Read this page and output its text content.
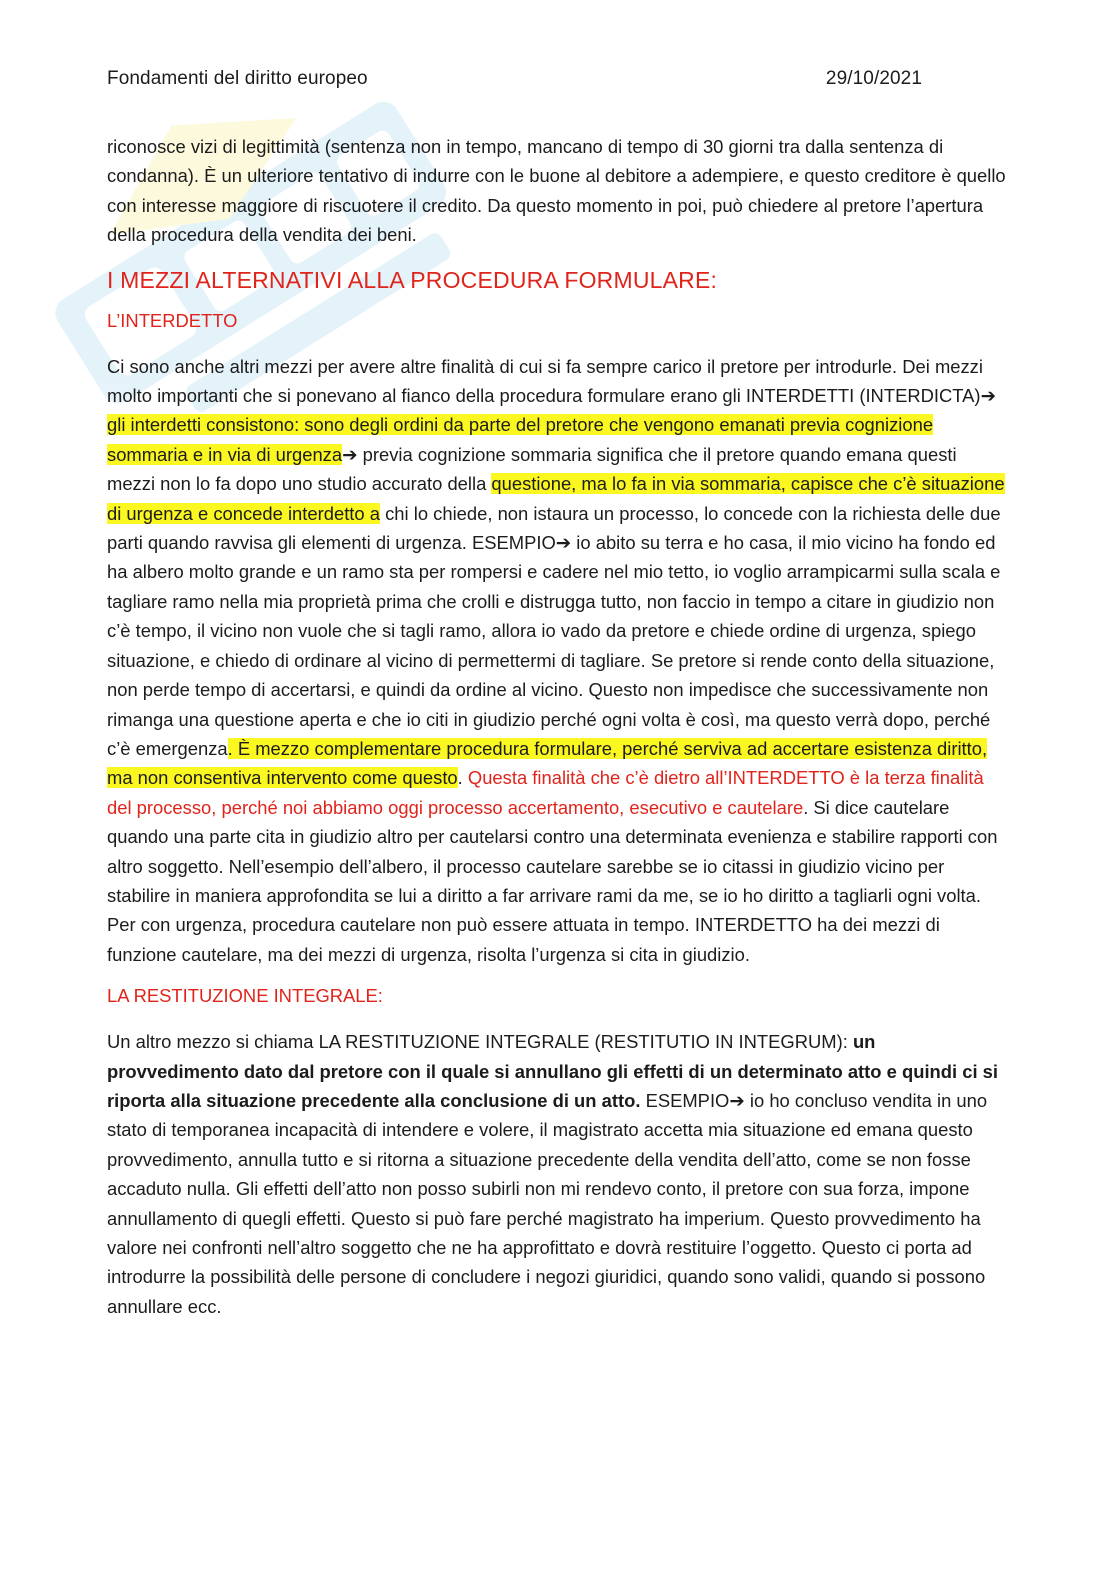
Fondamenti del diritto europeo	29/10/2021

riconosce vizi di legittimità (sentenza non in tempo, mancano di tempo di 30 giorni tra dalla sentenza di condanna). È un ulteriore tentativo di indurre con le buone al debitore a adempiere, e questo creditore è quello con interesse maggiore di riscuotere il credito. Da questo momento in poi, può chiedere al pretore l’apertura della procedura della vendita dei beni.

I MEZZI ALTERNATIVI ALLA PROCEDURA FORMULARE:
L’INTERDETTO

Ci sono anche altri mezzi per avere altre finalità di cui si fa sempre carico il pretore per introdurle. Dei mezzi molto importanti che si ponevano al fianco della procedura formulare erano gli INTERDETTI (INTERDICTA)➔ gli interdetti consistono: sono degli ordini da parte del pretore che vengono emanati previa cognizione sommaria e in via di urgenza➔ previa cognizione sommaria significa che il pretore quando emana questi mezzi non lo fa dopo uno studio accurato della questione, ma lo fa in via sommaria, capisce che c’è situazione di urgenza e concede interdetto a chi lo chiede, non istaura un processo, lo concede con la richiesta delle due parti quando ravvisa gli elementi di urgenza. ESEMPIO➔ io abito su terra e ho casa, il mio vicino ha fondo ed ha albero molto grande e un ramo sta per rompersi e cadere nel mio tetto, io voglio arrampicarmi sulla scala e tagliare ramo nella mia proprietà prima che crolli e distrugga tutto, non faccio in tempo a citare in giudizio non c’è tempo, il vicino non vuole che si tagli ramo, allora io vado da pretore e chiede ordine di urgenza, spiego situazione, e chiedo di ordinare al vicino di permettermi di tagliare. Se pretore si rende conto della situazione, non perde tempo di accertarsi, e quindi da ordine al vicino. Questo non impedisce che successivamente non rimanga una questione aperta e che io citi in giudizio perché ogni volta è così, ma questo verrà dopo, perché c’è emergenza. È mezzo complementare procedura formulare, perché serviva ad accertare esistenza diritto, ma non consentiva intervento come questo. Questa finalità che c’è dietro all’INTERDETTO è la terza finalità del processo, perché noi abbiamo oggi processo accertamento, esecutivo e cautelare. Si dice cautelare quando una parte cita in giudizio altro per cautelarsi contro una determinata evenienza e stabilire rapporti con altro soggetto. Nell’esempio dell’albero, il processo cautelare sarebbe se io citassi in giudizio vicino per stabilire in maniera approfondita se lui a diritto a far arrivare rami da me, se io ho diritto a tagliarli ogni volta. Per con urgenza, procedura cautelare non può essere attuata in tempo. INTERDETTO ha dei mezzi di funzione cautelare, ma dei mezzi di urgenza, risolta l’urgenza si cita in giudizio.

LA RESTITUZIONE INTEGRALE:

Un altro mezzo si chiama LA RESTITUZIONE INTEGRALE (RESTITUTIO IN INTEGRUM): un provvedimento dato dal pretore con il quale si annullano gli effetti di un determinato atto e quindi ci si riporta alla situazione precedente alla conclusione di un atto. ESEMPIO➔ io ho concluso vendita in uno stato di temporanea incapacità di intendere e volere, il magistrato accetta mia situazione ed emana questo provvedimento, annulla tutto e si ritorna a situazione precedente della vendita dell’atto, come se non fosse accaduto nulla. Gli effetti dell’atto non posso subirli non mi rendevo conto, il pretore con sua forza, impone annullamento di quegli effetti. Questo si può fare perché magistrato ha imperium. Questo provvedimento ha valore nei confronti nell’altro soggetto che ne ha approfittato e dovrà restituire l’oggetto. Questo ci porta ad introdurre la possibilità delle persone di concludere i negozi giuridici, quando sono validi, quando si possono annullare ecc.
